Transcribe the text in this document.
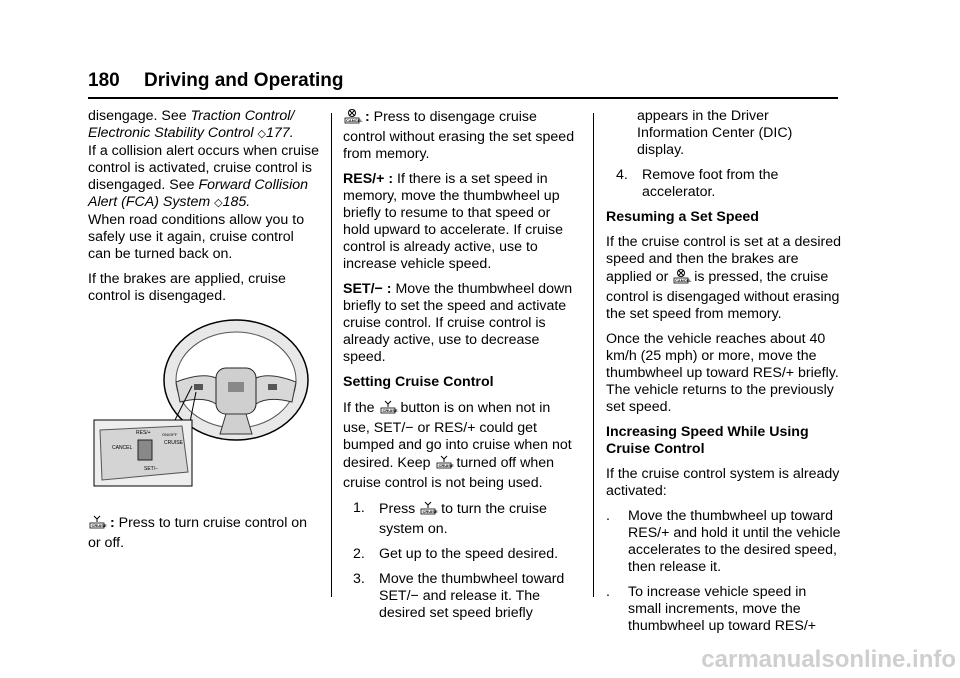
180 Driving and Operating

disengage. See Traction Control/ Electronic Stability Control ◇177.
If a collision alert occurs when cruise control is activated, cruise control is disengaged. See Forward Collision Alert (FCA) System ◇185.
When road conditions allow you to safely use it again, cruise control can be turned back on.

If the brakes are applied, cruise control is disengaged.

CANCEL
RES/+
SET/−
ON/OFF
CRUISE

CRUISE : Press to turn cruise control on or off.

CANCEL
: Press to disengage cruise control without erasing the set speed from memory.

RES/+ : If there is a set speed in memory, move the thumbwheel up briefly to resume to that speed or hold upward to accelerate. If cruise control is already active, use to increase vehicle speed.

SET/− : Move the thumbwheel down briefly to set the speed and activate cruise control. If cruise control is already active, use to decrease speed.

Setting Cruise Control

If the CRUISE button is on when not in use, SET/− or RES/+ could get bumped and go into cruise when not desired. Keep CRUISE turned off when cruise control is not being used.

1. Press CRUISE to turn the cruise system on.
2. Get up to the speed desired.
3. Move the thumbwheel toward SET/− and release it. The desired set speed briefly

appears in the Driver Information Center (DIC) display.

4. Remove foot from the accelerator.

Resuming a Set Speed

If the cruise control is set at a desired speed and then the brakes are applied or CANCEL
is pressed, the cruise control is disengaged without erasing the set speed from memory.

Once the vehicle reaches about 40 km/h (25 mph) or more, move the thumbwheel up toward RES/+ briefly. The vehicle returns to the previously set speed.

Increasing Speed While Using Cruise Control

If the cruise control system is already activated:

.	Move the thumbwheel up toward RES/+ and hold it until the vehicle accelerates to the desired speed, then release it.
.	To increase vehicle speed in small increments, move the thumbwheel up toward RES/+
carmanualsonline.info
